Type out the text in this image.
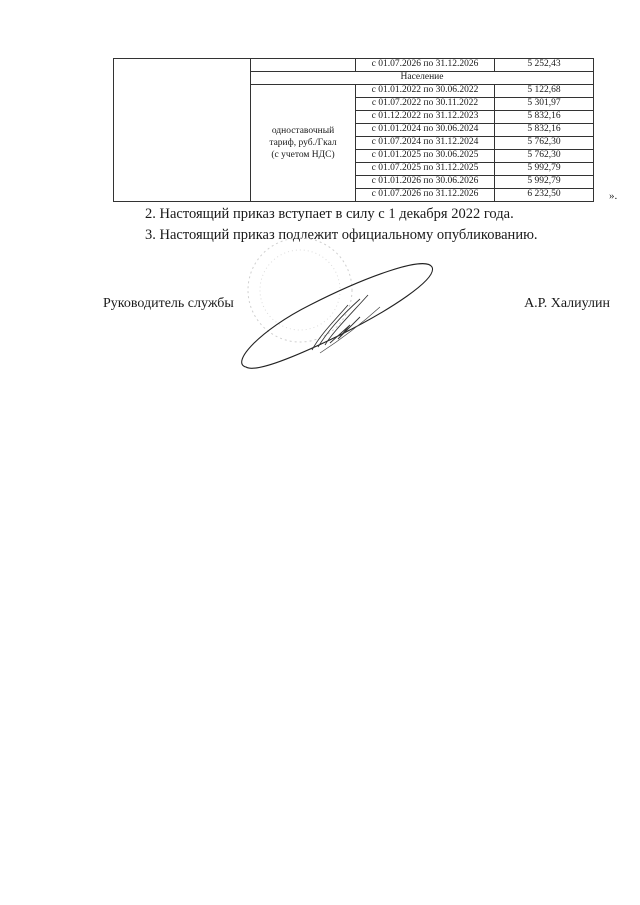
		с 01.07.2026 по 31.12.2026	5 252,43
	Население		
	одноставочный
тариф, руб./Гкал
(с учетом НДС)	с 01.01.2022 по 30.06.2022	5 122,68
		с 01.07.2022 по 30.11.2022	5 301,97
		с 01.12.2022 по 31.12.2023	5 832,16
		с 01.01.2024 по 30.06.2024	5 832,16
		с 01.07.2024 по 31.12.2024	5 762,30
		с 01.01.2025 по 30.06.2025	5 762,30
		с 01.07.2025 по 31.12.2025	5 992,79
		с 01.01.2026 по 30.06.2026	5 992,79
		с 01.07.2026 по 31.12.2026	6 232,50	».
2. Настоящий приказ вступает в силу с 1 декабря 2022 года.
3. Настоящий приказ подлежит официальному опубликованию.
Руководитель службы	А.Р. Халиулин
